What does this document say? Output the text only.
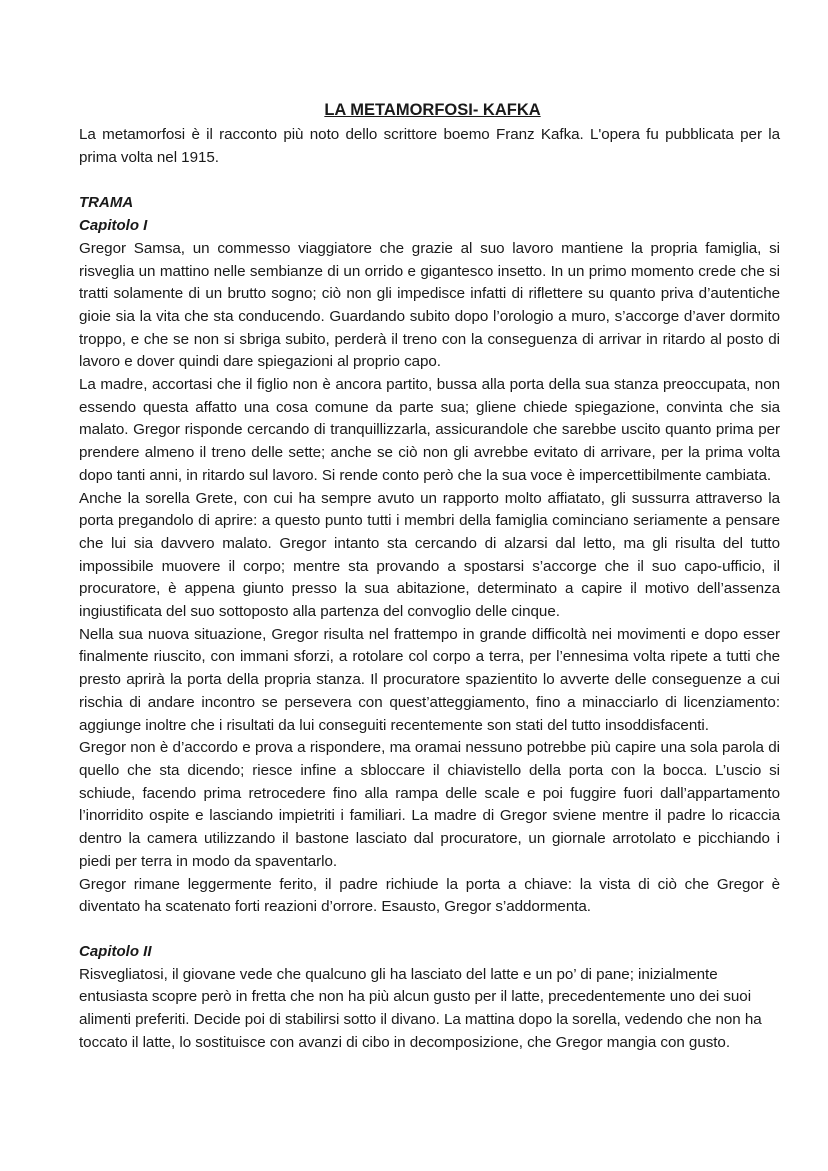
LA METAMORFOSI- KAFKA

La metamorfosi è il racconto più noto dello scrittore boemo Franz Kafka. L'opera fu pubblicata per la prima volta nel 1915.

TRAMA
Capitolo I

Gregor Samsa, un commesso viaggiatore che grazie al suo lavoro mantiene la propria famiglia, si risveglia un mattino nelle sembianze di un orrido e gigantesco insetto. In un primo momento crede che si tratti solamente di un brutto sogno; ciò non gli impedisce infatti di riflettere su quanto priva d’autentiche gioie sia la vita che sta conducendo. Guardando subito dopo l’orologio a muro, s’accorge d’aver dormito troppo, e che se non si sbriga subito, perderà il treno con la conseguenza di arrivar in ritardo al posto di lavoro e dover quindi dare spiegazioni al proprio capo.

La madre, accortasi che il figlio non è ancora partito, bussa alla porta della sua stanza preoccupata, non essendo questa affatto una cosa comune da parte sua; gliene chiede spiegazione, convinta che sia malato. Gregor risponde cercando di tranquillizzarla, assicurandole che sarebbe uscito quanto prima per prendere almeno il treno delle sette; anche se ciò non gli avrebbe evitato di arrivare, per la prima volta dopo tanti anni, in ritardo sul lavoro. Si rende conto però che la sua voce è impercettibilmente cambiata.

Anche la sorella Grete, con cui ha sempre avuto un rapporto molto affiatato, gli sussurra attraverso la porta pregandolo di aprire: a questo punto tutti i membri della famiglia cominciano seriamente a pensare che lui sia davvero malato. Gregor intanto sta cercando di alzarsi dal letto, ma gli risulta del tutto impossibile muovere il corpo; mentre sta provando a spostarsi s’accorge che il suo capo-ufficio, il procuratore, è appena giunto presso la sua abitazione, determinato a capire il motivo dell’assenza ingiustificata del suo sottoposto alla partenza del convoglio delle cinque.

Nella sua nuova situazione, Gregor risulta nel frattempo in grande difficoltà nei movimenti e dopo esser finalmente riuscito, con immani sforzi, a rotolare col corpo a terra, per l’ennesima volta ripete a tutti che presto aprirà la porta della propria stanza. Il procuratore spazientito lo avverte delle conseguenze a cui rischia di andare incontro se persevera con quest’atteggiamento, fino a minacciarlo di licenziamento: aggiunge inoltre che i risultati da lui conseguiti recentemente son stati del tutto insoddisfacenti.

Gregor non è d’accordo e prova a rispondere, ma oramai nessuno potrebbe più capire una sola parola di quello che sta dicendo; riesce infine a sbloccare il chiavistello della porta con la bocca. L’uscio si schiude, facendo prima retrocedere fino alla rampa delle scale e poi fuggire fuori dall’appartamento l’inorridito ospite e lasciando impietriti i familiari. La madre di Gregor sviene mentre il padre lo ricaccia dentro la camera utilizzando il bastone lasciato dal procuratore, un giornale arrotolato e picchiando i piedi per terra in modo da spaventarlo.

Gregor rimane leggermente ferito, il padre richiude la porta a chiave: la vista di ciò che Gregor è diventato ha scatenato forti reazioni d’orrore. Esausto, Gregor s’addormenta.

Capitolo II

Risvegliatosi, il giovane vede che qualcuno gli ha lasciato del latte e un po’ di pane; inizialmente entusiasta scopre però in fretta che non ha più alcun gusto per il latte, precedentemente uno dei suoi alimenti preferiti. Decide poi di stabilirsi sotto il divano. La mattina dopo la sorella, vedendo che non ha toccato il latte, lo sostituisce con avanzi di cibo in decomposizione, che Gregor mangia con gusto.
